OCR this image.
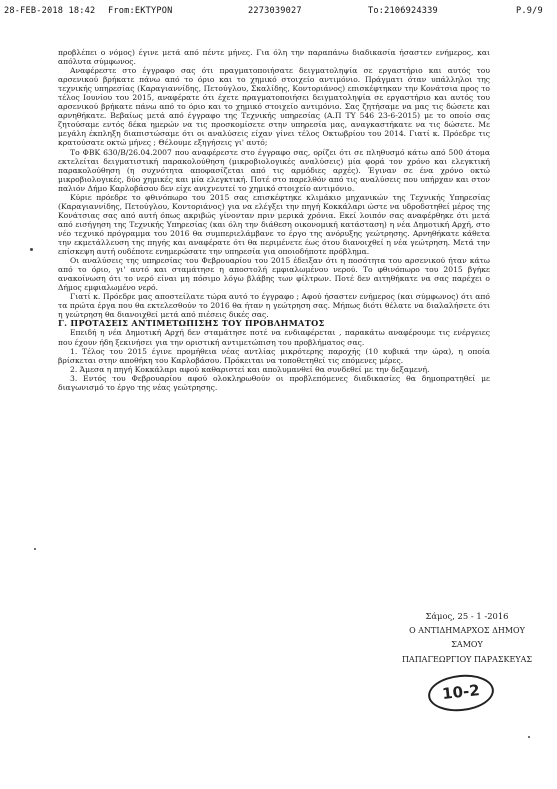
28-FEB-2018 18:42 From:EKTYPON	2273039027	To:2106924339	P.9/9

προβλέπει ο νόμος) έγινε μετά από πέντε μήνες. Για όλη την παραπάνω διαδικασία ήσαστεν ενήμερος, και απόλυτα σύμφωνος.

Αναφέρεστε στο έγγραφο σας ότι πραγματοποιήσατε δειγματοληψία σε εργαστήριο και αυτός του αρσενικού βρήκατε πάνω από το όριο και το χημικό στοιχείο αντιμόνιο. Πράγματι όταν υπάλληλοι της τεχνικής υπηρεσίας (Καραγιαννίδης, Πετούγλου, Σκαλίδης, Κοντοριάνος) επισκέφτηκαν την Κονάτσια προς το τέλος Ιουνίου του 2015, αναφέρατε ότι έχετε πραγματοποιήσει δειγματοληψία σε εργαστήριο και αυτός του αρσενικού βρήκατε πάνω από το όριο και το χημικό στοιχείο αντιμόνιο. Σας ζητήσαμε να μας τις δώσετε και αρνηθήκατε. Βεβαίως μετά από έγγραφο της Τεχνικής υπηρεσίας (Α.Π ΤΥ 546 23-6-2015) με το οποίο σας ζητούσαμε εντός δέκα ημερών να τις προσκομίσετε στην υπηρεσία μας, αναγκαστήκατε να τις δώσετε. Με μεγάλη έκπληξη διαπιστώσαμε ότι οι αναλύσεις είχαν γίνει τέλος Οκτωβρίου του 2014. Γιατί κ. Πρόεδρε τις κρατούσατε οκτώ μήνες ; Θέλουμε εξηγήσεις γι' αυτό;

Το ΦΒΚ 630/Β/26.04.2007 που αναφέρεστε στο έγγραφο σας, ορίζει ότι σε πληθυσμό κάτω από 500 άτομα εκτελείται δειγματιστική παρακολούθηση (μικροβιολογικές αναλύσεις) μία φορά τον χρόνο και ελεγκτική παρακολούθηση (η συχνότητα αποφασίζεται από τις αρμόδιες αρχές). Έγιναν σε ένα χρόνο οκτώ μικροβιολογικές, δύο χημικές και μία ελεγκτική. Ποτέ στο παρελθόν από τις αναλύσεις που υπήρχαν και στον παλιόν Δήμο Καρλοβάσου δεν είχε ανιχνευτεί το χημικό στοιχείο αντιμόνιο.

Κύριε πρόεδρε το φθινόπωρο του 2015 σας επισκέφτηκε κλιμάκιο μηχανικών της Τεχνικής Υπηρεσίας (Καραγιαννίδης, Πετούγλου, Κοντοριάνος) για να ελέγξει την πηγή Κοκκάλαρι ώστε να υδροδοτηθεί μέρος της Κονάτσιας σας από αυτή όπως ακριβώς γίνονταν πριν μερικά χρόνια. Εκεί λοιπόν σας αναφέρθηκε ότι μετά από εισήγηση της Τεχνικής Υπηρεσίας (και όλη την διάθεση οικονομική κατάσταση) η νέα Δημοτική Αρχή, στο νέο τεχνικό πρόγραμμα του 2016 θα συμπεριελάμβανε το έργο της ανόρυξης γεώτρησης. Αρνηθήκατε κάθετα την εκμετάλλευση της πηγής και αναφέρατε ότι θα περιμένετε έως ότου διανοιχθεί η νέα γεώτρηση. Μετά την επίσκεψη αυτή ουδέποτε ενημερώσατε την υπηρεσία για οποιοδήποτε πρόβλημα.

Οι αναλύσεις της υπηρεσίας του Φεβρουαρίου του 2015 έδειξαν ότι η ποσότητα του αρσενικού ήταν κάτω από το όριο, γι' αυτό και σταμάτησε η αποστολή εμφιαλωμένου νερού. Το φθινόπωρο του 2015 βγήκε ανακοίνωση ότι το νερό είναι μη πόσιμο λόγω βλάβης των φίλτρων. Ποτέ δεν αιτηθήκατε να σας παρέχει ο Δήμος εμφιαλωμένο νερό.

Γιατί κ. Πρόεδρε μας αποστείλατε τώρα αυτό το έγγραφο ; Αφού ήσαστεν ενήμερος (και σύμφωνος) ότι από τα πρώτα έργα που θα εκτελεσθούν το 2016 θα ήταν η γεώτρηση σας. Μήπως διότι θέλατε να διαλαλήσετε ότι η γεώτρηση θα διανοιχθεί μετά από πιέσεις δικές σας.

Γ. ΠΡΟΤΑΣΕΙΣ ΑΝΤΙΜΕΤΩΠΙΣΗΣ ΤΟΥ ΠΡΟΒΛΗΜΑΤΟΣ

Επειδή η νέα Δημοτική Αρχή δεν σταμάτησε ποτέ να ενδιαφέρεται , παρακάτω αναφέρουμε τις ενέργειες που έχουν ήδη ξεκινήσει για την οριστική αντιμετώπιση του προβλήματος σας.

1. Τέλος του 2015 έγινε προμήθεια νέας αντλίας μικρότερης παροχής (10 κυβικά την ώρα), η οποία βρίσκεται στην αποθήκη του Καρλοβάσου. Πρόκειται να τοποθετηθεί τις επόμενες μέρες.

2. Άμεσα η πηγή Κοκκάλαρι αφού καθαριστεί και απολυμανθεί θα συνδεθεί με την δεξαμενή.

3. Εντός του Φεβρουαρίου αφού ολοκληρωθούν οι προβλεπόμενες διαδικασίες θα δημοπρατηθεί με διαγωνισμό το έργο της νέας γεώτρησης.

Σάμος, 25 - 1 -2016
Ο ΑΝΤΙΔΗΜΑΡΧΟΣ ΔΗΜΟΥ
ΣΑΜΟΥ
ΠΑΠΑΓΕΩΡΓΙΟΥ ΠΑΡΑΣΚΕΥΑΣ
10-2
